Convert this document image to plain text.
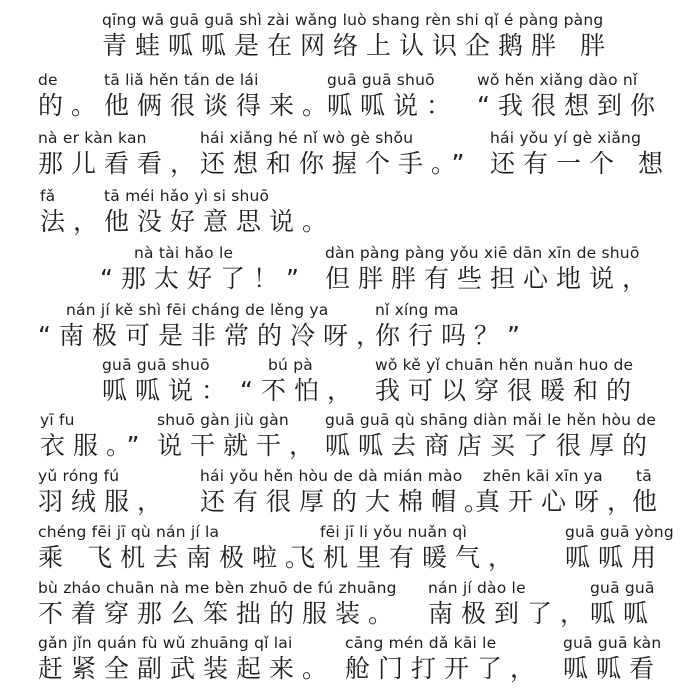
qīng wā guā guā shì zài wǎng luò shang rèn shi qǐ é pàng pàng
青蛙呱呱是在网络上认识企鹅胖 胖
de
的。
tā liǎ hěn tán de lái
他俩很谈得来。
guā guā shuō
呱呱说：
wǒ hěn xiǎng dào nǐ
“我很想到你
nà er kàn kan
那儿看看，
hái xiǎng hé nǐ wò gè shǒu
还想和你握个手。”
hái yǒu yí gè xiǎng
还有一个 想
fǎ
法，
tā méi hǎo yì si shuō
他没好意思说。
nà tài hǎo le
“那太好了！”
dàn pàng pàng yǒu xiē dān xīn de shuō
但胖胖有些担心地说，
nán jí kě shì fēi cháng de lěng ya
“南极可是非常的冷呀，
nǐ xíng ma
你行吗？”
guā guā shuō
呱呱说：
bú pà
“不怕，
wǒ kě yǐ chuān hěn nuǎn huo de
我可以穿很暖和的
yī fu
衣服。”
shuō gàn jiù gàn
说干就干，
guā guā qù shāng diàn mǎi le hěn hòu de
呱呱去商店买了很厚的
yǔ róng fú
羽绒服，
hái yǒu hěn hòu de dà mián mào
还有很厚的大棉帽。
zhēn kāi xīn ya
真开心呀，
tā
他
chéng fēi jī qù nán jí la
乘 飞机去南极啦。
fēi jī li yǒu nuǎn qì
飞机里有暖气，
guā guā yòng
呱呱用
bù zháo chuān nà me bèn zhuō de fú zhuāng
不着穿那么笨拙的服装。
nán jí dào le
南极到了，
guā guā
呱呱
gǎn jǐn quán fù wǔ zhuāng qǐ lai
赶紧全副武装起来。
cāng mén dǎ kāi le
舱门打开了，
guā guā kàn
呱呱看
